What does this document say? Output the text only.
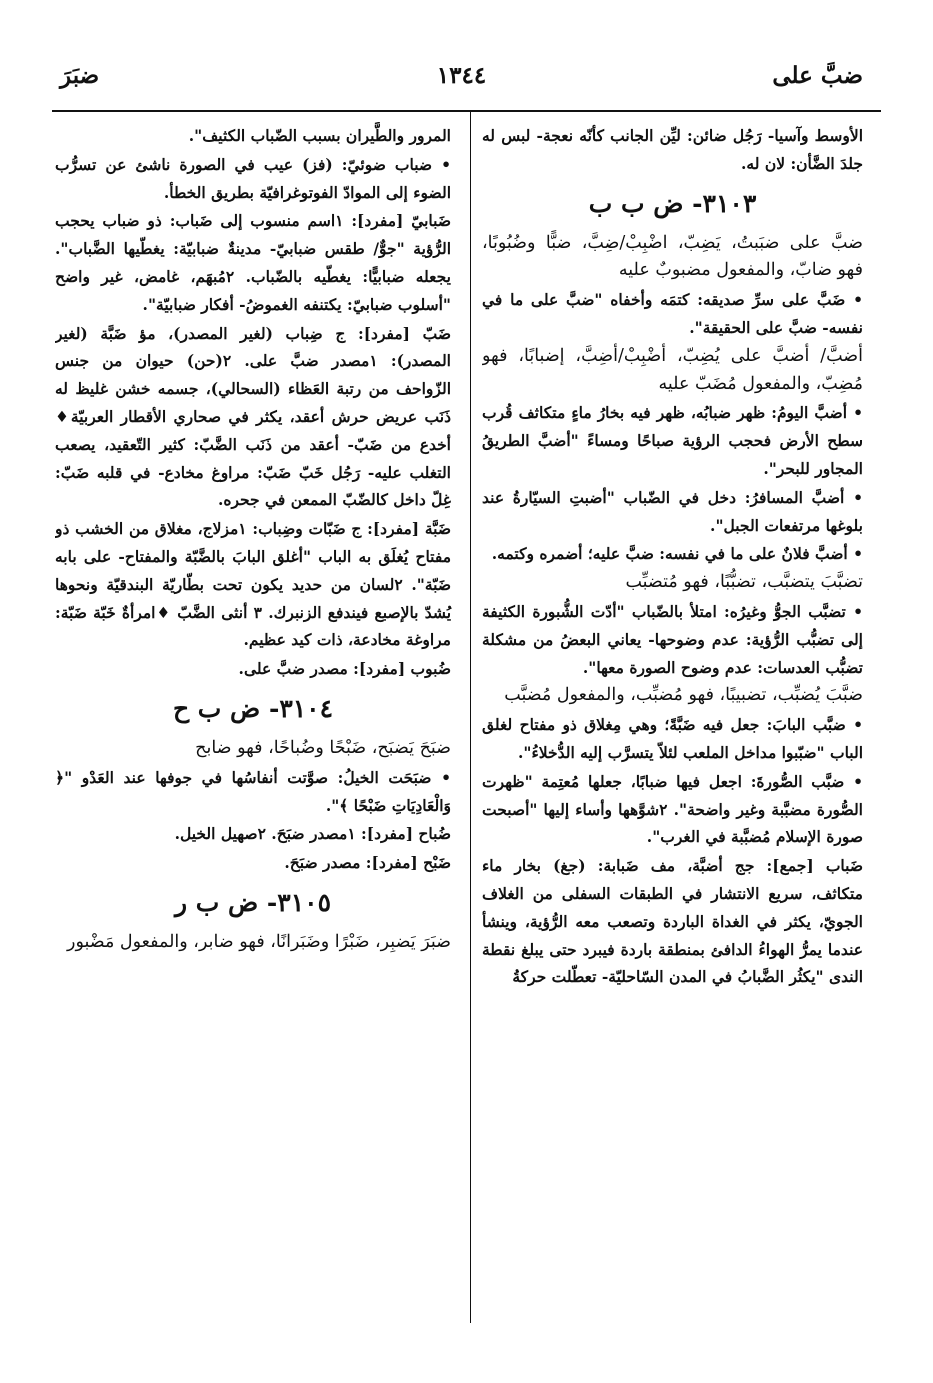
ضبَّ على
١٣٤٤
ضبَرَ

الأوسط وآسيا- رَجُل ضائن: ليِّن الجانب كأنّه نعجة- لبس له جلدَ الضَّأن: لان له.

٣١٠٣- ض ب ب

ضبَّ على ضبَبتُ، يَضِبّ، اضْبِبْ/ضِبَّ، ضبًّا وضُبُوبًا، فهو ضابّ، والمفعول مضبوبٌ عليه

• ضَبَّ على سرِّ صديقه: كتمَه وأخفاه "ضبَّ على ما في نفسه- ضبَّ على الحقيقة".

أضبَّ/ أضبَّ على يُضِبّ، أضْبِبْ/أضِبَّ، إضبابًا، فهو مُضِبّ، والمفعول مُضَبّ عليه

• أضبَّ اليومُ: ظهر ضبابُه، ظهر فيه بخارُ ماءٍ متكاثف قُرب سطح الأرض فحجب الرؤية صباحًا ومساءً "أضبَّ الطريقُ المجاور للبحر".

• أضبَّ المسافرُ: دخل في الضّباب "أضبتِ السيّارةُ عند بلوغها مرتفعات الجبل".

• أضبَّ فلانٌ على ما في نفسه: ضبَّ عليه؛ أضمره وكتمه.

تضبَّبَ يتضبَّب، تضبُّبًا، فهو مُتضبِّب

• تضبَّب الجوُّ وغيرُه: امتلأ بالضّباب "أدّت الشُّبورة الكثيفة إلى تضبُّب الرُّؤية: عدم وضوحها- يعاني البعضُ من مشكلة تضبُّب العدسات: عدم وضوح الصورة معها".

ضبَّبَ يُضبِّب، تضبيبًا، فهو مُضبِّب، والمفعول مُضبَّب

• ضبَّب البابَ: جعل فيه ضَبَّةً؛ وهي مِغلاق ذو مفتاح لغلق الباب "ضبّبوا مداخل الملعب لئلاّ يتسرَّب إليه الدُّخلاءُ".

• ضبَّب الصُّورةَ: اجعل فيها ضبابًا، جعلها مُعتِمة "ظهرت الصُّورة مضبَّبة وغير واضحة". ٢شوَّهها وأساء إليها "أصبحت صورة الإسلام مُضبَّبة في الغرب".

ضَباب [جمع]: جج أضبَّة، مف ضَبابة: (جغ) بخار ماء متكاثف، سريع الانتشار في الطبقات السفلى من الغلاف الجويّ، يكثر في الغداة الباردة وتصعب معه الرُّؤية، وينشأ عندما يمرُّ الهواءُ الدافئ بمنطقة باردة فيبرد حتى يبلغ نقطة الندى "يكثُر الضَّبابُ في المدن السّاحليّة- تعطّلت حركةُ

المرور والطَّيران بسبب الضّباب الكثيف".

• ضباب ضوئيّ: (فز) عيب في الصورة ناشئ عن تسرُّب الضوء إلى الموادّ الفوتوغرافيّة بطريق الخطأ.

ضَبابيّ [مفرد]: ١اسم منسوب إلى ضَباب: ذو ضباب يحجب الرُّؤية "جوٌّ/ طقس ضبابيّ- مدينةٌ ضبابيّة: يغطّيها الضَّباب". يجعله ضبابيًّا: يغطّيه بالضّباب. ٢مُبهَم، غامض، غير واضح "أسلوب ضبابيّ: يكتنفه الغموضُ- أفكار ضبابيّة".

ضَبّ [مفرد]: ج ضِباب (لغير المصدر)، مؤ ضَبَّة (لغير المصدر): ١مصدر ضبَّ على. ٢(حن) حيوان من جنس الزّواحف من رتبة العَظاء (السحالي)، جسمه خشن غليظ له ذَنَب عريض حرش أعقد، يكثر في صحاري الأقطار العربيّة♦ أخدع من ضَبّ- أعقد من ذَنَب الضَّبّ: كثير التّعقيد، يصعب التغلب عليه- رَجُل خَبّ ضَبّ: مراوغ مخادع- في قلبه ضَبّ: غِلّ داخل كالضّبّ الممعن في جحره.

ضَبَّة [مفرد]: ج ضَبّات وضِباب: ١مزلاج، مغلاق من الخشب ذو مفتاح يُغلَق به الباب "أغلق البابَ بالضَّبّة والمفتاح- على بابه ضَبّة". ٢لسان من حديد يكون تحت بطّاريّة البندقيّة ونحوها يُشدّ بالإصبع فيندفع الزنبرك. ٣ أنثى الضَّبّ ♦امرأةٌ خَبّة ضَبّة: مراوغة مخادعة، ذات كيد عظيم.

ضُبوب [مفرد]: مصدر ضبَّ على.

٣١٠٤- ض ب ح

ضبَحَ يَضبَح، ضَبْحًا وضُباحًا، فهو ضابح

• ضبَحَت الخيلُ: صوَّتت أنفاسُها في جوفها عند العَدْو "﴿ وَالْعَادِيَاتِ ضَبْحًا ﴾".

ضُباح [مفرد]: ١مصدر ضبَحَ. ٢صهيل الخيل.

ضَبْح [مفرد]: مصدر ضبَحَ.

٣١٠٥- ض ب ر

ضبَرَ يَضبِر، ضَبْرًا وضَبَرانًا، فهو ضابر، والمفعول مَضْبور
